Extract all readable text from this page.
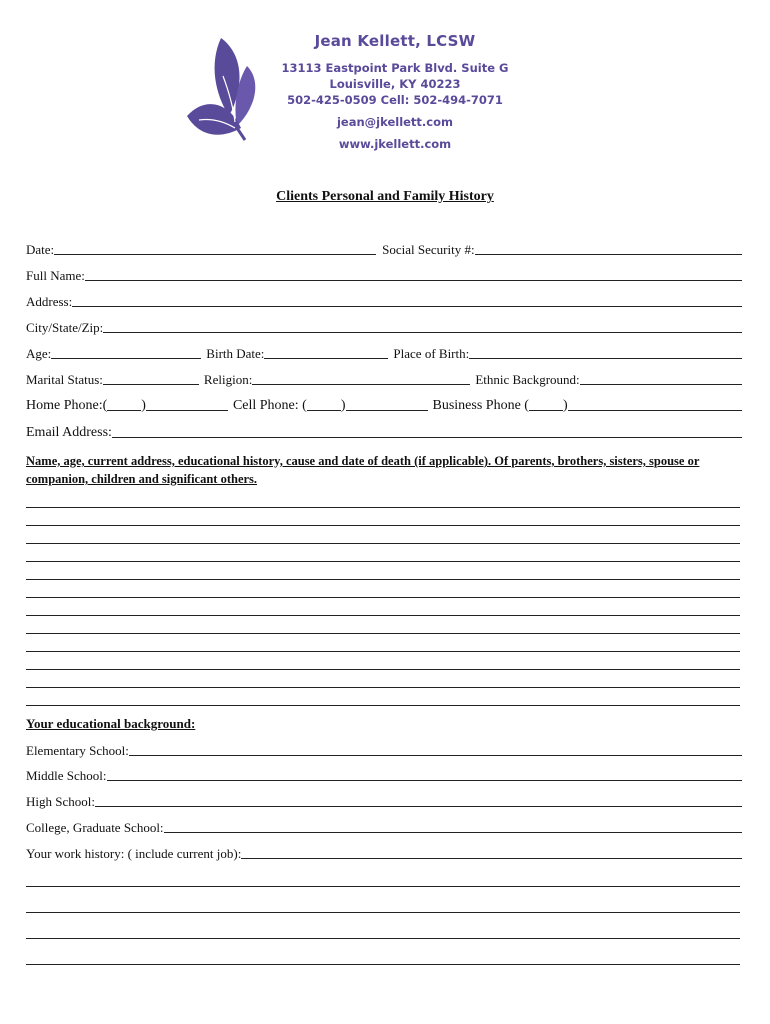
Jean Kellett, LCSW
13113 Eastpoint Park Blvd. Suite G
Louisville, KY 40223
502-425-0509 Cell: 502-494-7071
jean@jkellett.com
www.jkellett.com
Clients Personal and Family History
Date:	Social Security #:
Full Name:
Address:
City/State/Zip:
Age:	Birth Date:	Place of Birth:
Marital Status:	Religion:	Ethnic Background:
Home Phone:( )	Cell Phone: ( )	Business Phone ( )
Email Address:
Name, age, current address, educational history, cause and date of death (if applicable). Of parents, brothers, sisters, spouse or companion, children and significant others.
Your educational background:
Elementary School:
Middle School:
High School:
College, Graduate School:
Your work history: ( include current job):
